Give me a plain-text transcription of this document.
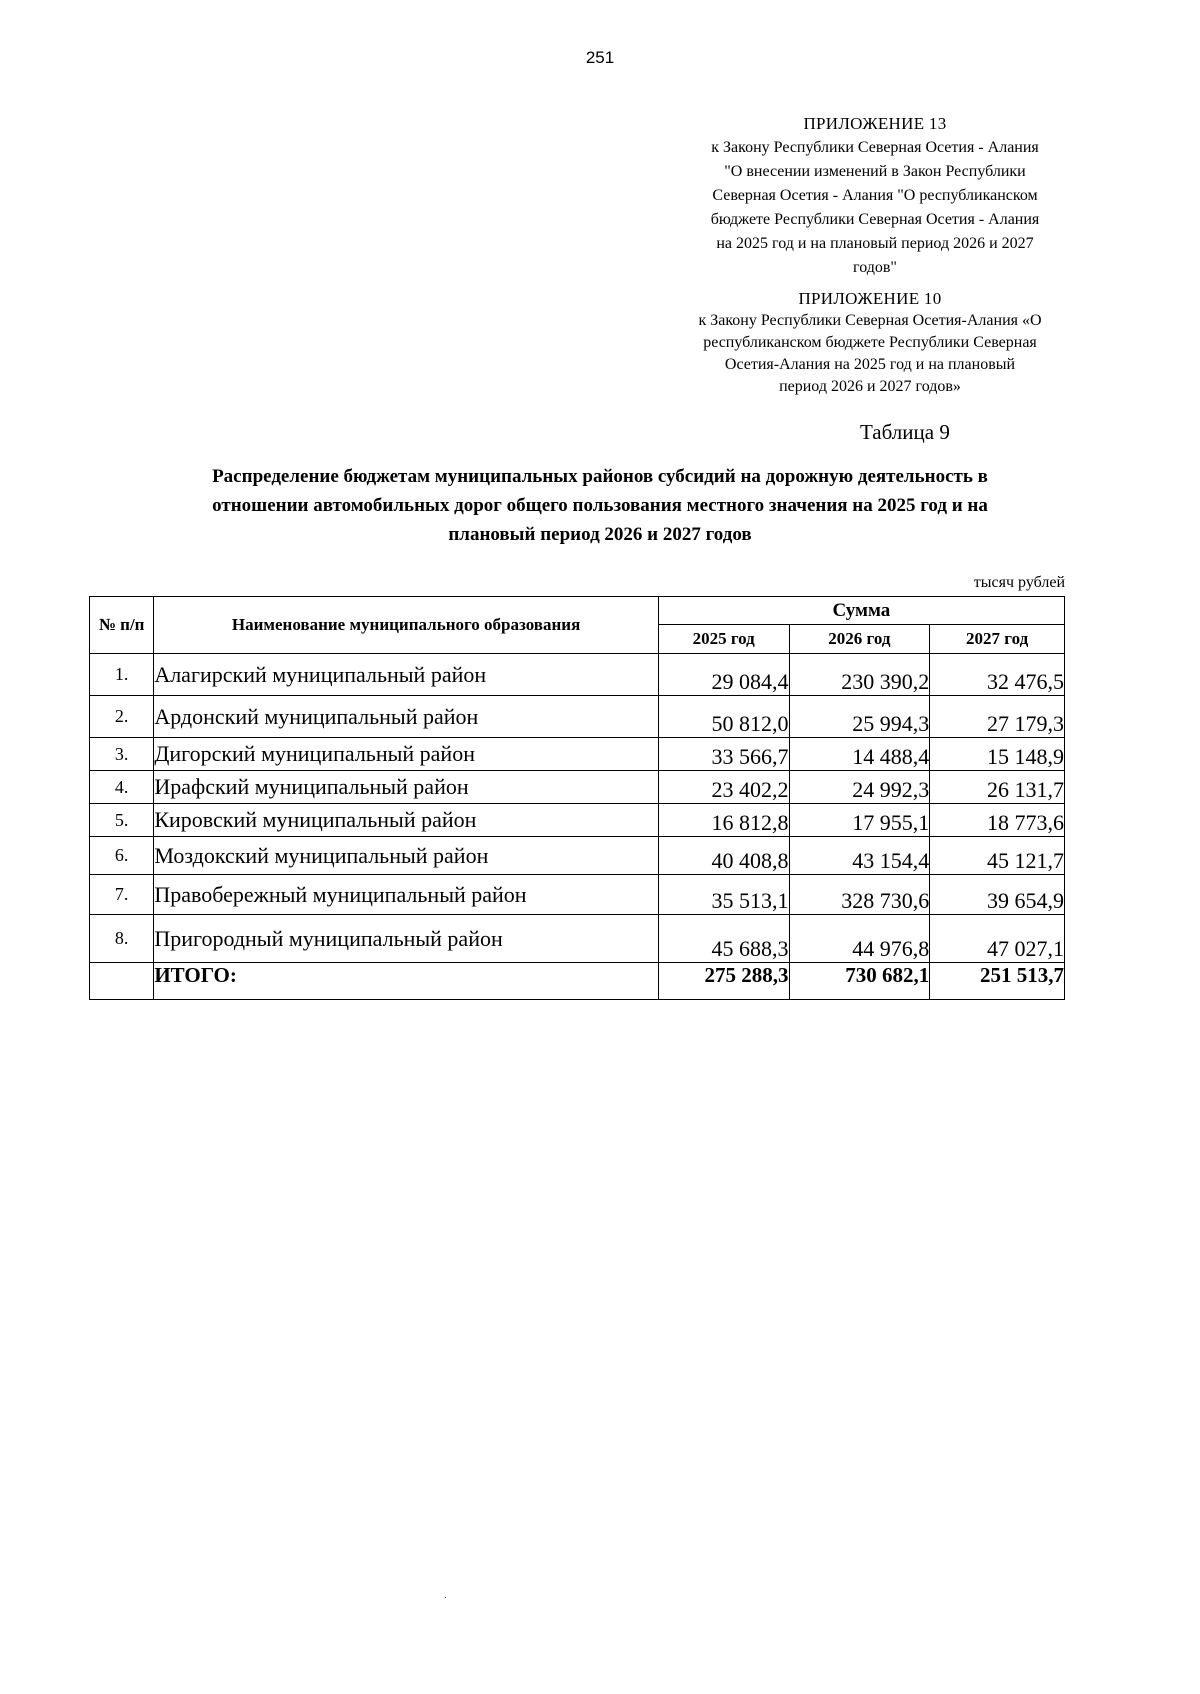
251
ПРИЛОЖЕНИЕ 13
к Закону Республики Северная Осетия - Алания
"О внесении изменений в Закон Республики
Северная Осетия - Алания "О республиканском
бюджете Республики Северная Осетия - Алания
на 2025 год и на плановый период 2026 и 2027
годов"
ПРИЛОЖЕНИЕ 10
к Закону Республики Северная Осетия-Алания «О
республиканском бюджете Республики Северная
Осетия-Алания на 2025 год и на плановый
период 2026 и 2027 годов»
Таблица 9
Распределение бюджетам муниципальных районов субсидий на дорожную деятельность в
отношении автомобильных дорог общего пользования местного значения на 2025 год и на
плановый период 2026 и 2027 годов
тысяч рублей
№ п/п	Наименование муниципального образования	Сумма		
		2025 год	2026 год	2027 год
1.	Алагирский муниципальный район	29 084,4	230 390,2	32 476,5
2.	Ардонский муниципальный район	50 812,0	25 994,3	27 179,3
3.	Дигорский муниципальный район	33 566,7	14 488,4	15 148,9
4.	Ирафский муниципальный район	23 402,2	24 992,3	26 131,7
5.	Кировский муниципальный район	16 812,8	17 955,1	18 773,6
6.	Моздокский муниципальный район	40 408,8	43 154,4	45 121,7
7.	Правобережный муниципальный район	35 513,1	328 730,6	39 654,9
8.	Пригородный муниципальный район	45 688,3	44 976,8	47 027,1
	ИТОГО:	275 288,3	730 682,1	251 513,7
